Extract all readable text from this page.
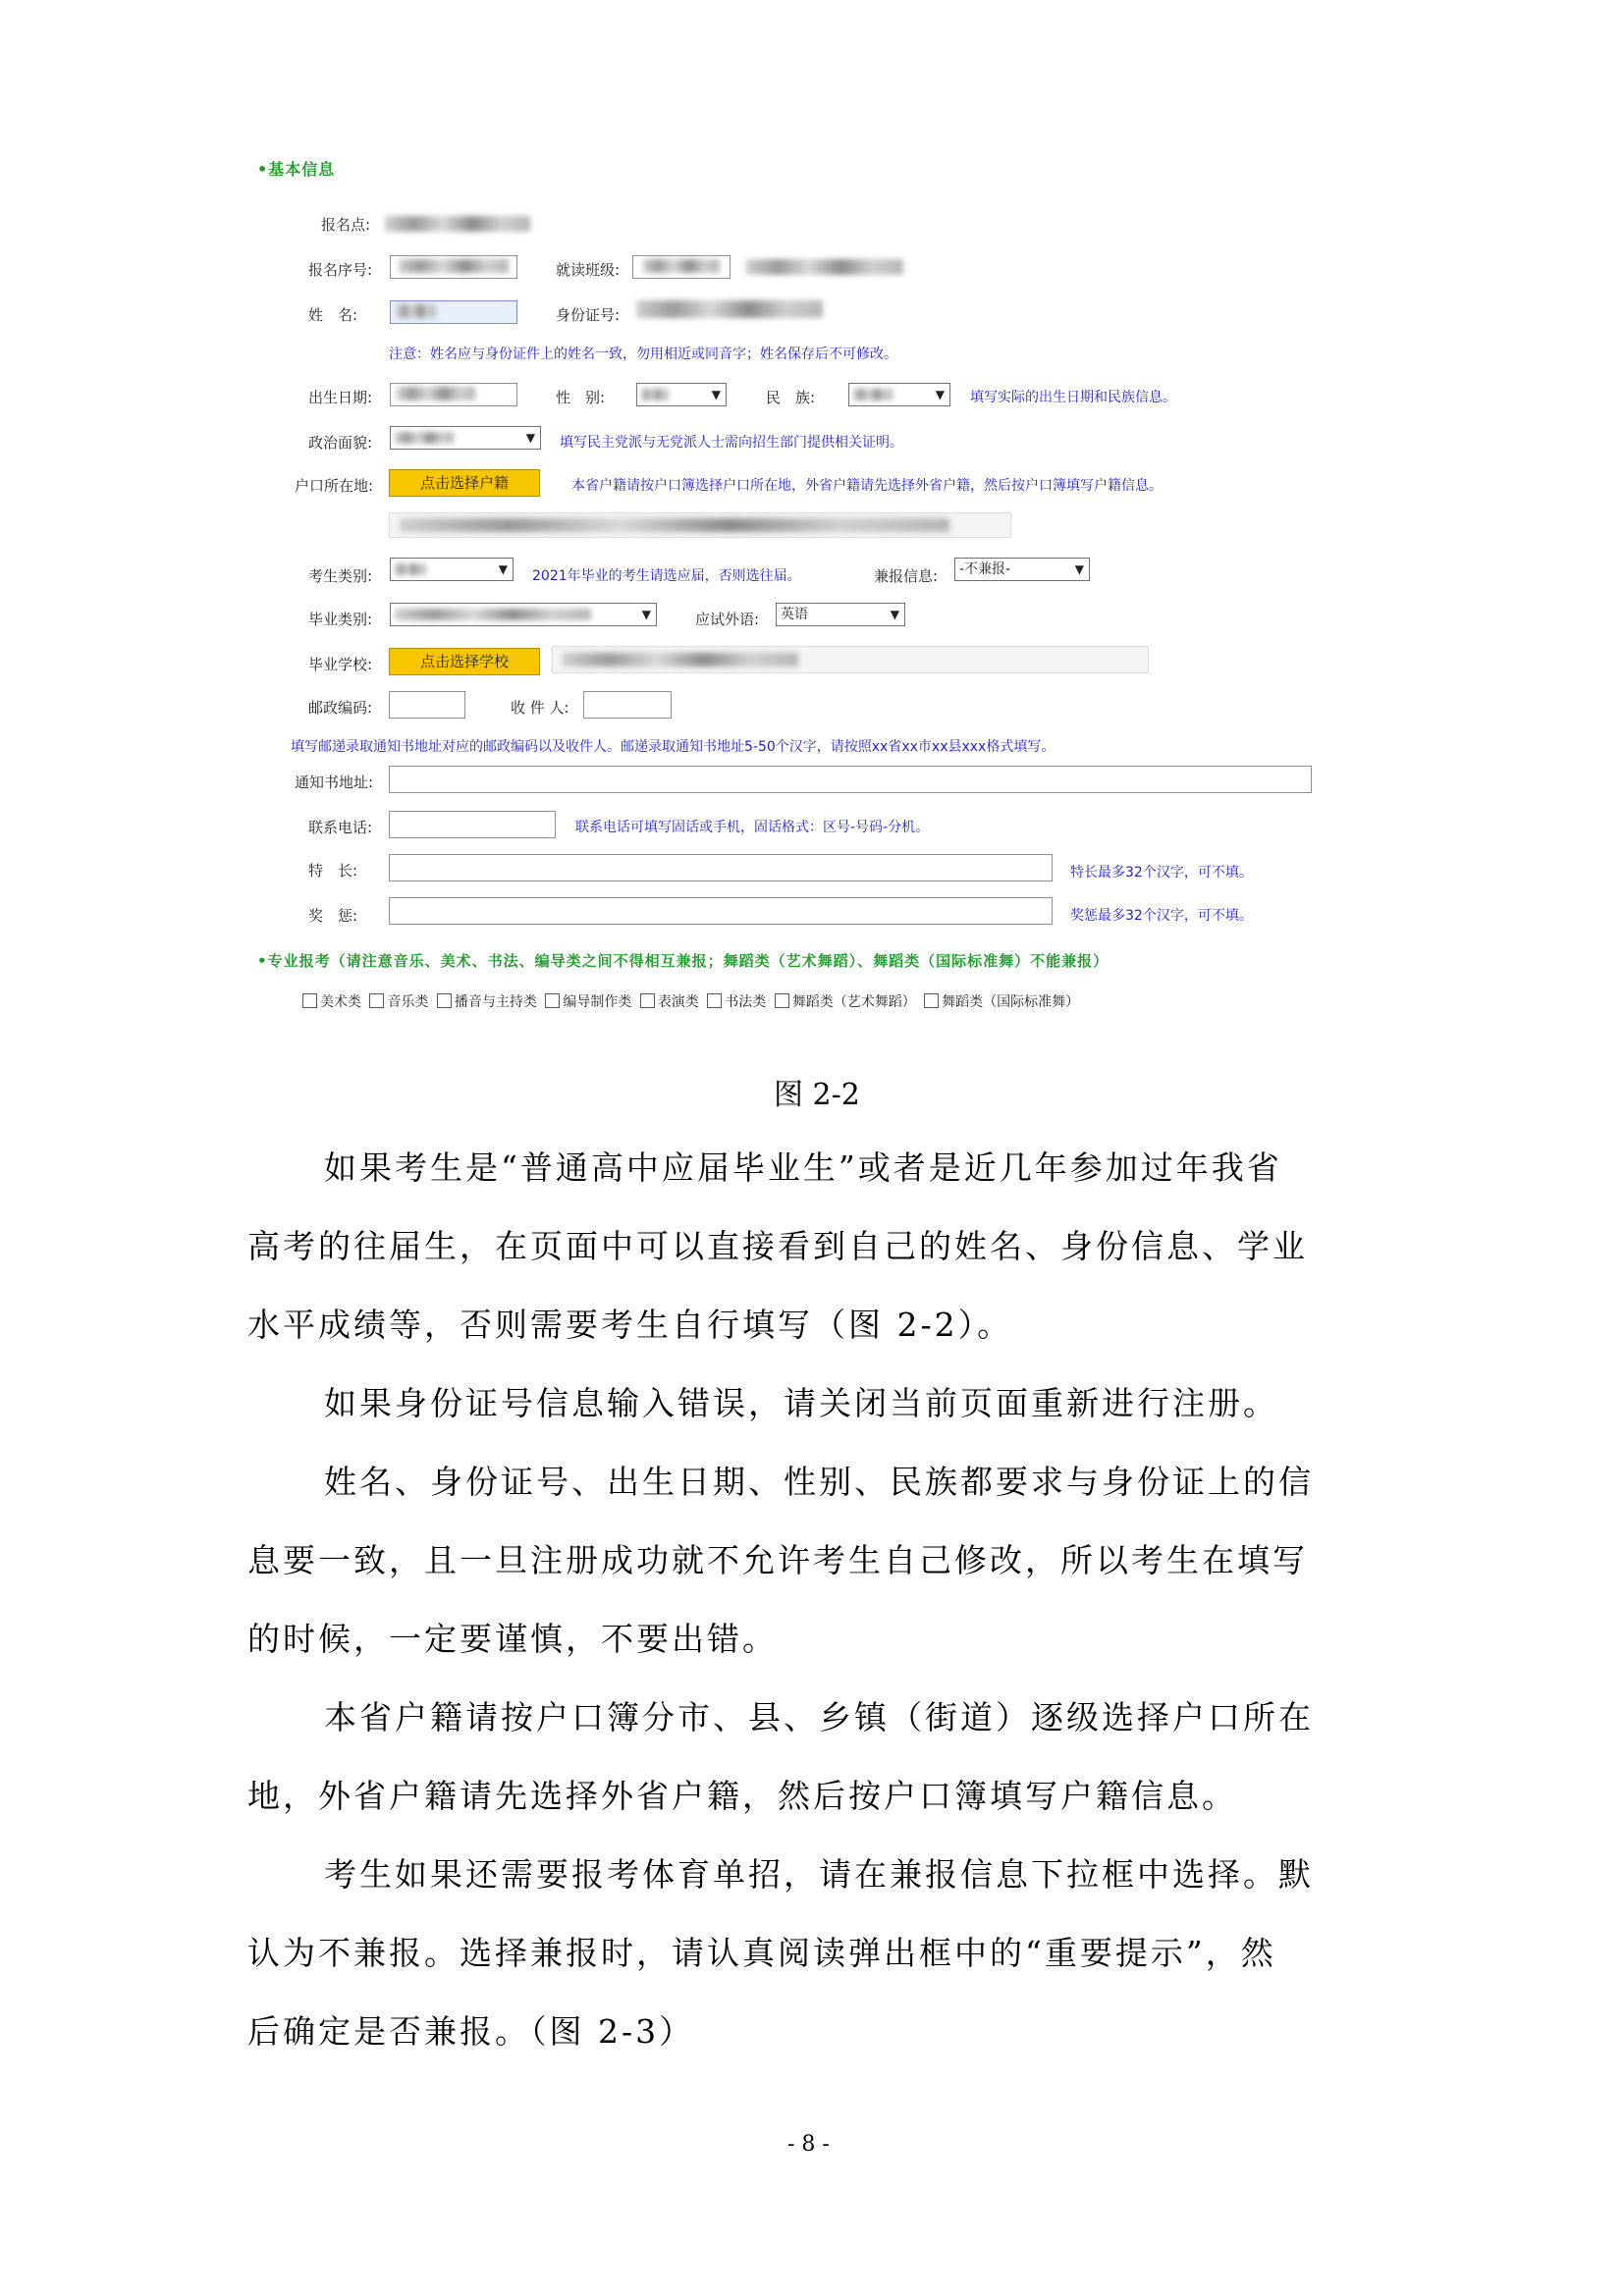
•基本信息
报名点:
报名序号:	就读班级:
姓　名:	身份证号:
注意：姓名应与身份证件上的姓名一致，勿用相近或同音字；姓名保存后不可修改。
出生日期:	性　别:	▼	民　族:	▼ 填写实际的出生日期和民族信息。
政治面貌:	▼ 填写民主党派与无党派人士需向招生部门提供相关证明。
户口所在地:	点击选择户籍	本省户籍请按户口簿选择户口所在地，外省户籍请先选择外省户籍，然后按户口簿填写户籍信息。
考生类别:	▼ 2021年毕业的考生请选应届，否则选往届。	兼报信息:	-不兼报-	▼
毕业类别:	▼	应试外语:	英语	▼
毕业学校:	点击选择学校
邮政编码:	收 件 人:
填写邮递录取通知书地址对应的邮政编码以及收件人。邮递录取通知书地址5-50个汉字，请按照xx省xx市xx县xxx格式填写。
通知书地址:
联系电话:	联系电话可填写固话或手机，固话格式：区号-号码-分机。
特　长:	特长最多32个汉字，可不填。
奖　惩:	奖惩最多32个汉字，可不填。
•专业报考（请注意音乐、美术、书法、编导类之间不得相互兼报；舞蹈类（艺术舞蹈）、舞蹈类（国际标准舞）不能兼报）
美术类 音乐类 播音与主持类 编导制作类 表演类 书法类 舞蹈类（艺术舞蹈） 舞蹈类（国际标准舞）
图 2-2
如果考生是“普通高中应届毕业生”或者是近几年参加过年我省
高考的往届生，在页面中可以直接看到自己的姓名、身份信息、学业
水平成绩等，否则需要考生自行填写（图 2-2）。
如果身份证号信息输入错误，请关闭当前页面重新进行注册。
姓名、身份证号、出生日期、性别、民族都要求与身份证上的信
息要一致，且一旦注册成功就不允许考生自己修改，所以考生在填写
的时候，一定要谨慎，不要出错。
本省户籍请按户口簿分市、县、乡镇（街道）逐级选择户口所在
地，外省户籍请先选择外省户籍，然后按户口簿填写户籍信息。
考生如果还需要报考体育单招，请在兼报信息下拉框中选择。默
认为不兼报。选择兼报时，请认真阅读弹出框中的“重要提示”，然
后确定是否兼报。（图 2-3）
- 8 -
